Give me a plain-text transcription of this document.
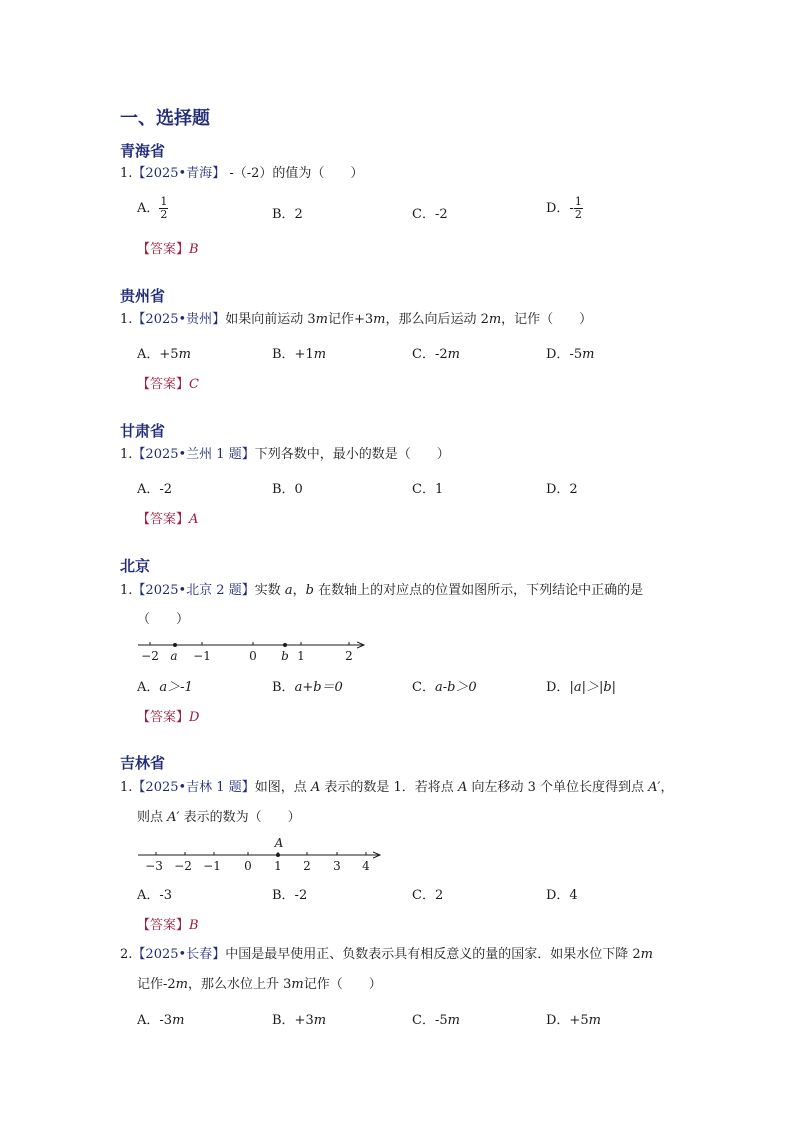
一、选择题
青海省
1.【2025•青海】 -（-2）的值为（　　）
A． $\frac{1}{2}$	B．2	C．-2	D．- $\frac{1}{2}$
【答案】B
贵州省
1.【2025•贵州】如果向前运动 3m记作+3m，那么向后运动 2m，记作（　　）
A．+5m	B．+1m	C．-2m	D．-5m
【答案】C
甘肃省
1.【2025•兰州 1 题】下列各数中，最小的数是（　　）
A．-2	B．0	C．1	D．2
【答案】A
北京
1.【2025•北京 2 题】实数 a，b 在数轴上的对应点的位置如图所示，下列结论中正确的是
（　　）
−2 a −1	0 b 1	2
A．a＞-1	B．a+b＝0	C．a-b＞0	D．|a|＞|b|
【答案】D
吉林省
1.【2025•吉林 1 题】如图，点 A 表示的数是 1．若将点 A 向左移动 3 个单位长度得到点 A′，
则点 A′ 表示的数为（　　）
A
−3 −2 −1 0 1 2 3 4
A．-3	B．-2	C．2	D．4
【答案】B
2.【2025•长春】中国是最早使用正、负数表示具有相反意义的量的国家．如果水位下降 2m
记作-2m，那么水位上升 3m记作（　　）
A．-3m	B．+3m	C．-5m	D．+5m
